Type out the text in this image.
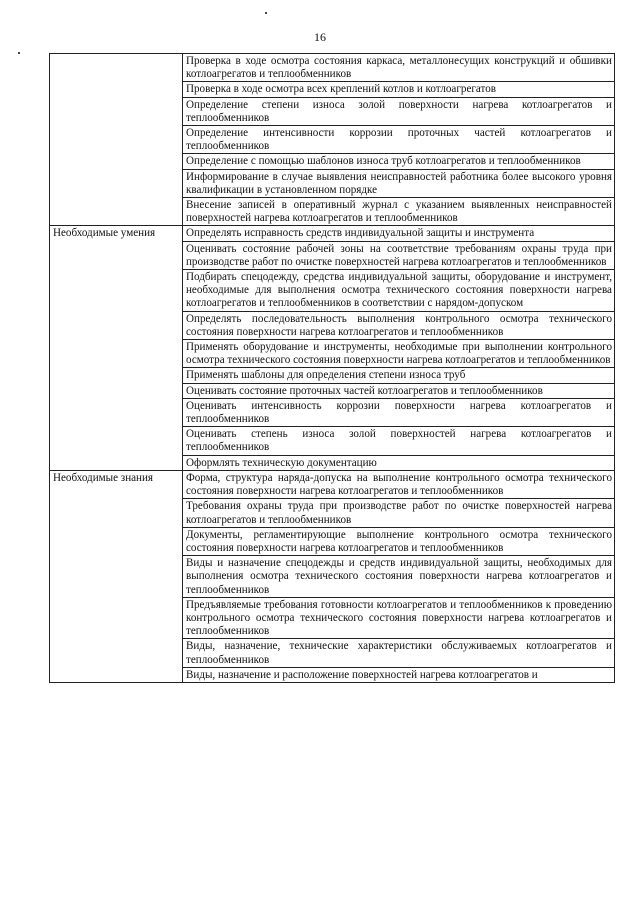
16
	Проверка в ходе осмотра состояния каркаса, металлонесущих конструкций и обшивки котлоагрегатов и теплообменников
	Проверка в ходе осмотра всех креплений котлов и котлоагрегатов
	Определение степени износа золой поверхности нагрева котлоагрегатов и теплообменников
	Определение интенсивности коррозии проточных частей котлоагрегатов и теплообменников
	Определение с помощью шаблонов износа труб котлоагрегатов и теплообменников
	Информирование в случае выявления неисправностей работника более высокого уровня квалификации в установленном порядке
	Внесение записей в оперативный журнал с указанием выявленных неисправностей поверхностей нагрева котлоагрегатов и теплообменников
Необходимые умения	Определять исправность средств индивидуальной защиты и инструмента
	Оценивать состояние рабочей зоны на соответствие требованиям охраны труда при производстве работ по очистке поверхностей нагрева котлоагрегатов и теплообменников
	Подбирать спецодежду, средства индивидуальной защиты, оборудование и инструмент, необходимые для выполнения осмотра технического состояния поверхности нагрева котлоагрегатов и теплообменников в соответствии с нарядом-допуском
	Определять последовательность выполнения контрольного осмотра технического состояния поверхности нагрева котлоагрегатов и теплообменников
	Применять оборудование и инструменты, необходимые при выполнении контрольного осмотра технического состояния поверхности нагрева котлоагрегатов и теплообменников
	Применять шаблоны для определения степени износа труб
	Оценивать состояние проточных частей котлоагрегатов и теплообменников
	Оценивать интенсивность коррозии поверхности нагрева котлоагрегатов и теплообменников
	Оценивать степень износа золой поверхностей нагрева котлоагрегатов и теплообменников
	Оформлять техническую документацию
Необходимые знания	Форма, структура наряда-допуска на выполнение контрольного осмотра технического состояния поверхности нагрева котлоагрегатов и теплообменников
	Требования охраны труда при производстве работ по очистке поверхностей нагрева котлоагрегатов и теплообменников
	Документы, регламентирующие выполнение контрольного осмотра технического состояния поверхности нагрева котлоагрегатов и теплообменников
	Виды и назначение спецодежды и средств индивидуальной защиты, необходимых для выполнения осмотра технического состояния поверхности нагрева котлоагрегатов и теплообменников
	Предъявляемые требования готовности котлоагрегатов и теплообменников к проведению контрольного осмотра технического состояния поверхности нагрева котлоагрегатов и теплообменников
	Виды, назначение, технические характеристики обслуживаемых котлоагрегатов и теплообменников
	Виды, назначение и расположение поверхностей нагрева котлоагрегатов и
